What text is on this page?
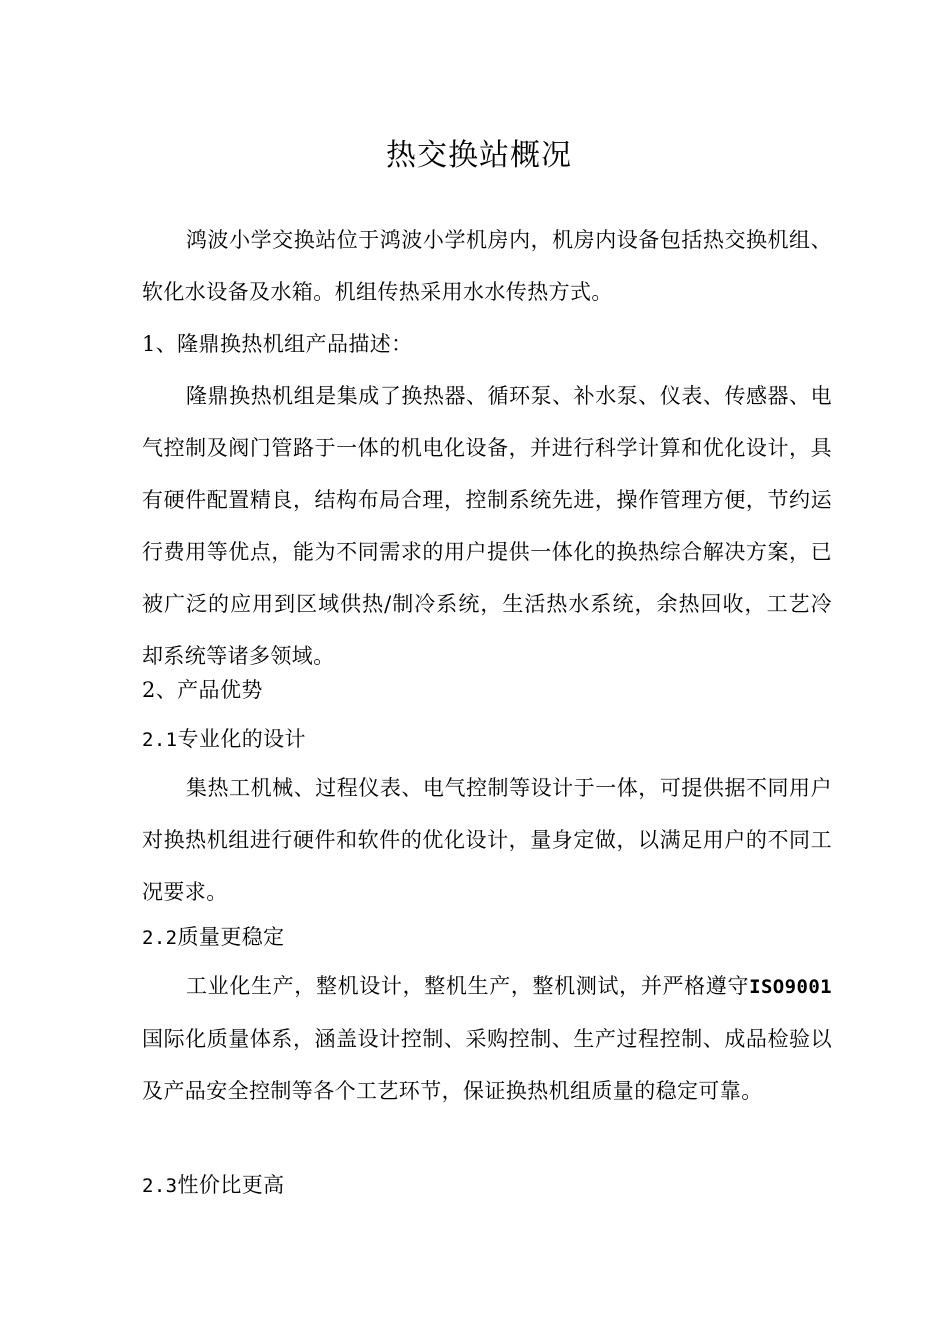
热交换站概况

鸿波小学交换站位于鸿波小学机房内，机房内设备包括热交换机组、软化水设备及水箱。机组传热采用水水传热方式。

1、隆鼎换热机组产品描述：

隆鼎换热机组是集成了换热器、循环泵、补水泵、仪表、传感器、电气控制及阀门管路于一体的机电化设备，并进行科学计算和优化设计，具有硬件配置精良，结构布局合理，控制系统先进，操作管理方便，节约运行费用等优点，能为不同需求的用户提供一体化的换热综合解决方案，已被广泛的应用到区域供热/制冷系统，生活热水系统，余热回收，工艺冷却系统等诸多领域。

2、产品优势
2.1专业化的设计

集热工机械、过程仪表、电气控制等设计于一体，可提供据不同用户对换热机组进行硬件和软件的优化设计，量身定做，以满足用户的不同工况要求。

2.2质量更稳定

工业化生产，整机设计，整机生产，整机测试，并严格遵守ISO9001国际化质量体系，涵盖设计控制、采购控制、生产过程控制、成品检验以及产品安全控制等各个工艺环节，保证换热机组质量的稳定可靠。

2.3性价比更高
